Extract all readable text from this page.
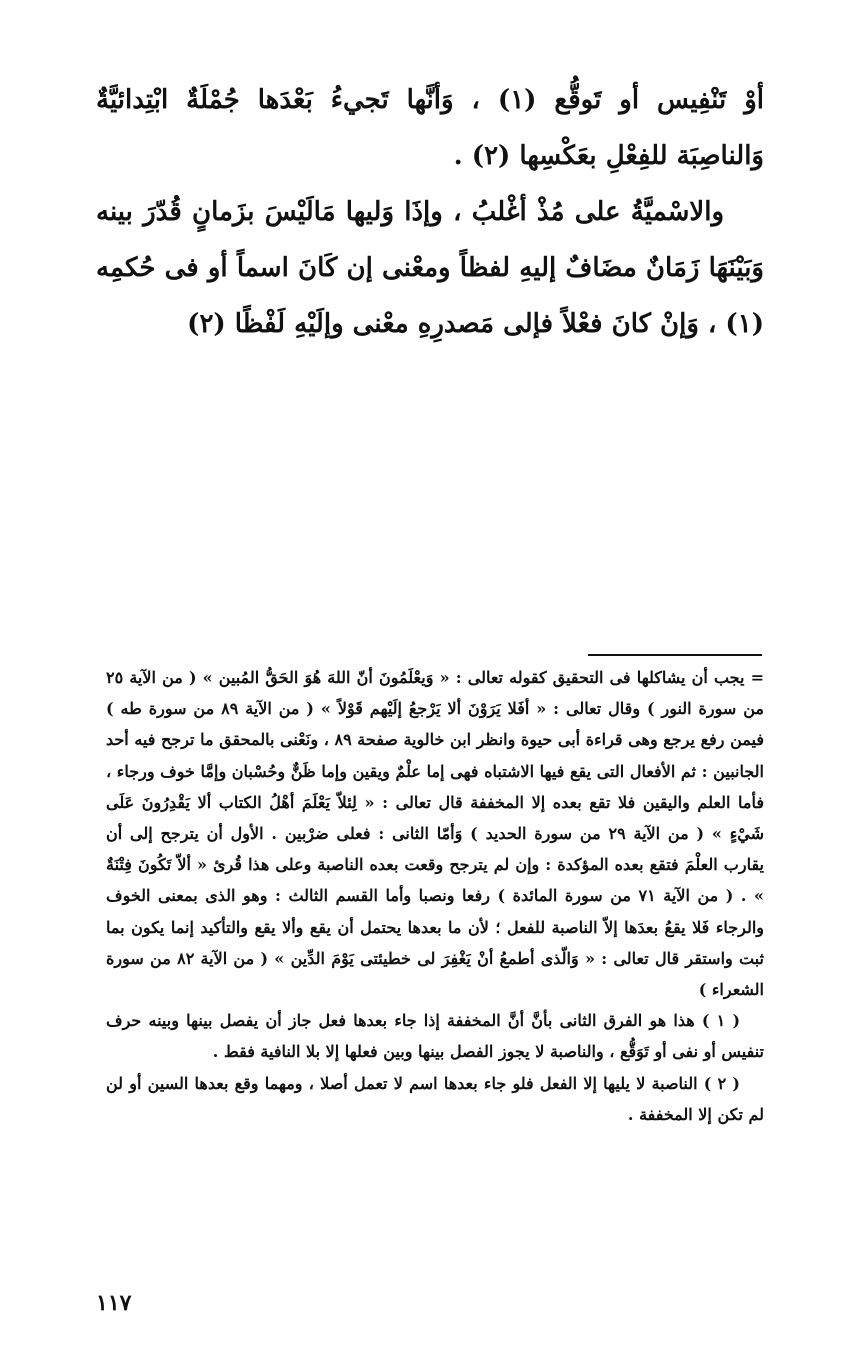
أوْ تَنْفِيس أو تَوقُّع (١) ، وَأنَّها تَجيءُ بَعْدَها جُمْلَةٌ ابْتِدائيَّةٌ وَالناصِبَة للفِعْلِ بعَكْسِها (٢) .

والاسْميَّةُ على مُذْ أغْلبُ ، وإذَا وَليها مَالَيْسَ بزَمانٍ قُدّرَ بينه وَبَيْنَهَا زَمَانٌ مضَافٌ إليهِ لفظاً ومعْنى إن كَانَ اسماً أو فى حُكمِه (١) ، وَإنْ كانَ فعْلاً فإلى مَصدرِهِ معْنى وإلَيْهِ لَفْظًا (٢)

= يجب أن يشاكلها فى التحقيق كقوله تعالى : « وَيعْلَمُونَ أنّ اللهَ هُوَ الحَقُّ المُبين » ( من الآية ٢٥ من سورة النور ) وقال تعالى : « أفَلا يَرَوْنَ ألا يَرْجعُ إلَيْهم قَوْلاً » ( من الآية ٨٩ من سورة طه ) فيمن رفع يرجع وهى قراءة أبى حيوة وانظر ابن خالوية صفحة ٨٩ ، ونَعْنى بالمحقق ما ترجح فيه أحد الجانبين : ثم الأفعال التى يقع فيها الاشتباه فهى إما علْمٌ ويقين وإما ظَنٌّ وحُسْبان وإمَّا خوف ورجاء ، فأما العلم واليقين فلا تقع بعده إلا المخففة قال تعالى : « لِئلاّ يَعْلَمَ أهْلُ الكتاب ألا يَقْدِرُونَ عَلَى شَيْءٍ » ( من الآية ٢٩ من سورة الحديد ) وَأمّا الثانى : فعلى ضرْبين . الأول أن يترجح إلى أن يقارب العلْمَ فتقع بعده المؤكدة : وإن لم يترجح وقعت بعده الناصبة وعلى هذا قُرئ « ألاّ تَكُونَ فِتْنَةٌ » . ( من الآية ٧١ من سورة المائدة ) رفعا ونصبا وأما القسم الثالث : وهو الذى بمعنى الخوف والرجاء فَلا يقعُ بعدَها إلاّ الناصبة للفعل ؛ لأن ما بعدها يحتمل أن يقع وألا يقع والتأكيد إنما يكون بما ثبت واستقر قال تعالى : « وَالّذى أطمعُ أنْ يَغْفِرَ لى خطيئتى يَوْمَ الدِّين » ( من الآية ٨٢ من سورة الشعراء )

( ١ ) هذا هو الفرق الثانى بأنَّ أنَّ المخففة إذا جاء بعدها فعل جاز أن يفصل بينها وبينه حرف تنفيس أو نفى أو تَوَقُّع ، والناصبة لا يجوز الفصل بينها وبين فعلها إلا بلا النافية فقط .

( ٢ ) الناصبة لا يليها إلا الفعل فلو جاء بعدها اسم لا تعمل أصلا ، ومهما وقع بعدها السين أو لن لم تكن إلا المخففة .

١١٧
